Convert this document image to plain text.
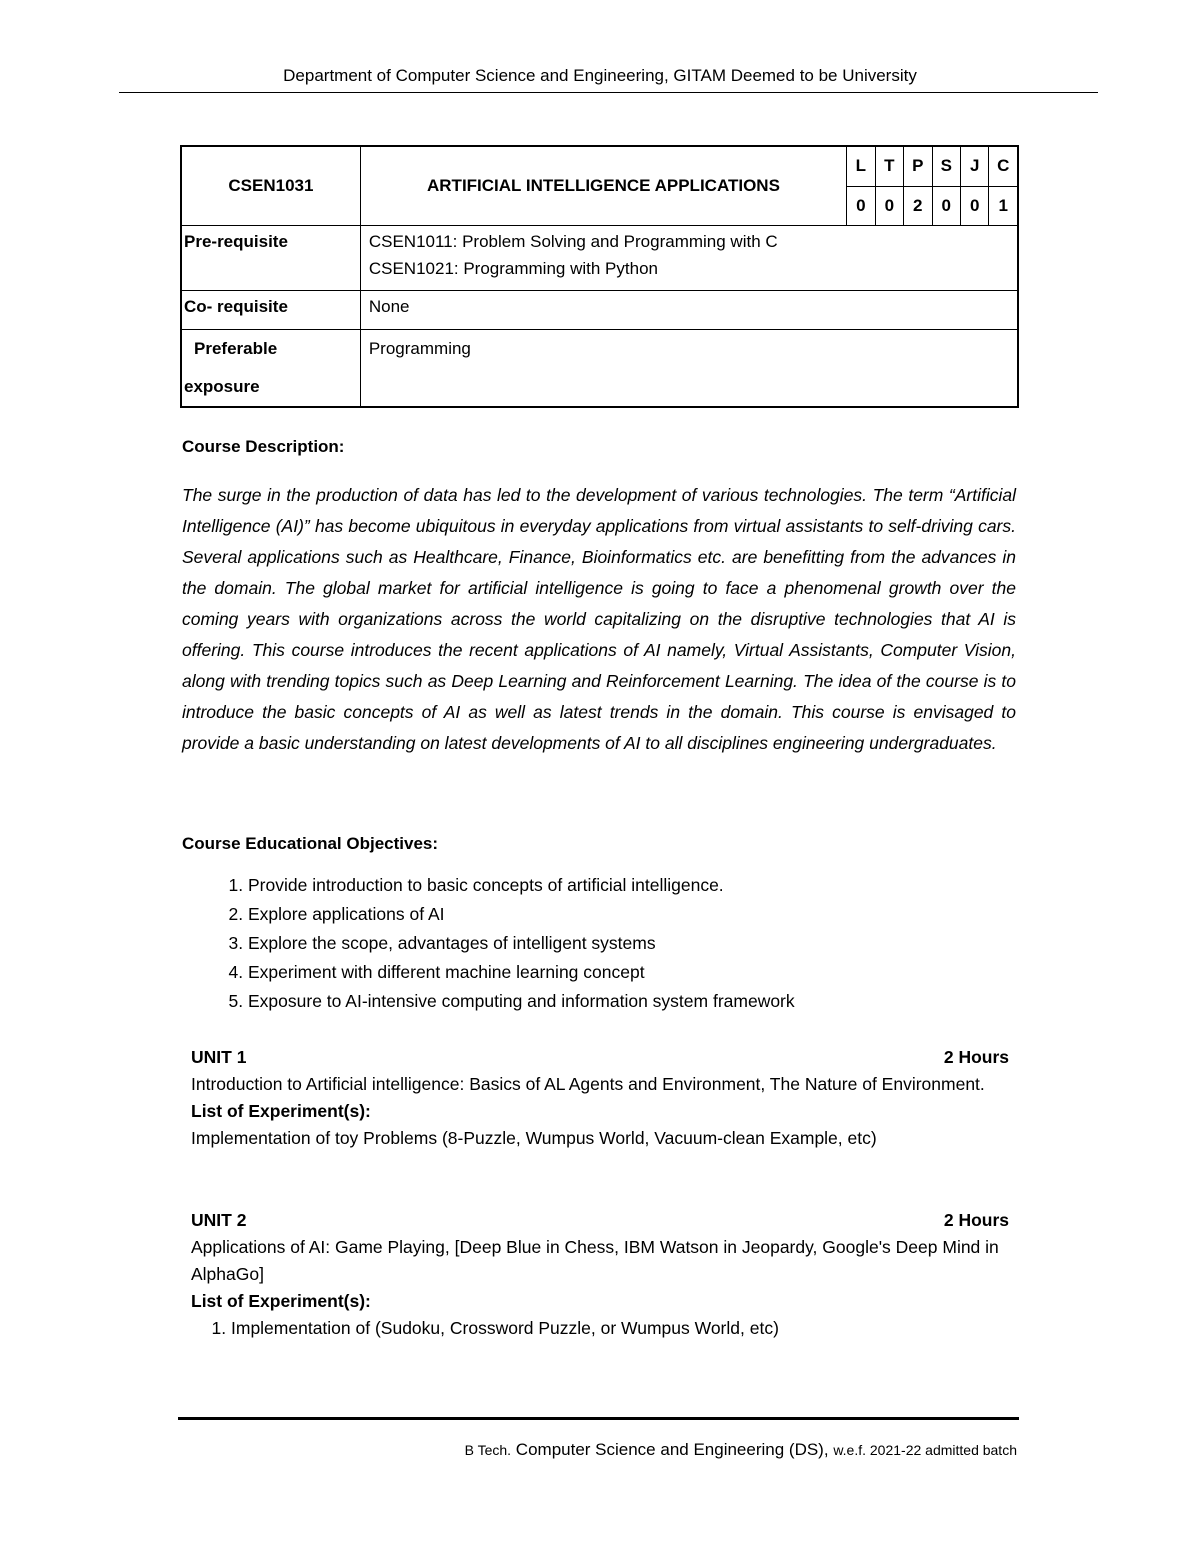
Department of Computer Science and Engineering, GITAM Deemed to be University
CSEN1031	ARTIFICIAL INTELLIGENCE APPLICATIONS	L	T	P	S	J	C
		0	0	2	0	0	1
Pre-requisite	CSEN1011: Problem Solving and Programming with C
CSEN1021: Programming with Python						

Co- requisite	None						

Preferable
exposure	Programming						
Course Description:

The surge in the production of data has led to the development of various technologies. The term “Artificial Intelligence (AI)” has become ubiquitous in everyday applications from virtual assistants to self-driving cars. Several applications such as Healthcare, Finance, Bioinformatics etc. are benefitting from the advances in the domain. The global market for artificial intelligence is going to face a phenomenal growth over the coming years with organizations across the world capitalizing on the disruptive technologies that AI is offering. This course introduces the recent applications of AI namely, Virtual Assistants, Computer Vision, along with trending topics such as Deep Learning and Reinforcement Learning. The idea of the course is to introduce the basic concepts of AI as well as latest trends in the domain. This course is envisaged to provide a basic understanding on latest developments of AI to all disciplines engineering undergraduates.

Course Educational Objectives:
1. Provide introduction to basic concepts of artificial intelligence.
2. Explore applications of AI
3. Explore the scope, advantages of intelligent systems
4. Experiment with different machine learning concept
5. Exposure to AI-intensive computing and information system framework
UNIT 1	2 Hours
Introduction to Artificial intelligence: Basics of AL Agents and Environment, The Nature of Environment.
List of Experiment(s):
Implementation of toy Problems (8-Puzzle, Wumpus World, Vacuum-clean Example, etc)
UNIT 2	2 Hours
Applications of AI: Game Playing, [Deep Blue in Chess, IBM Watson in Jeopardy, Google's Deep Mind in AlphaGo]
List of Experiment(s):
1. Implementation of (Sudoku, Crossword Puzzle, or Wumpus World, etc)
B Tech. Computer Science and Engineering (DS), w.e.f. 2021-22 admitted batch
